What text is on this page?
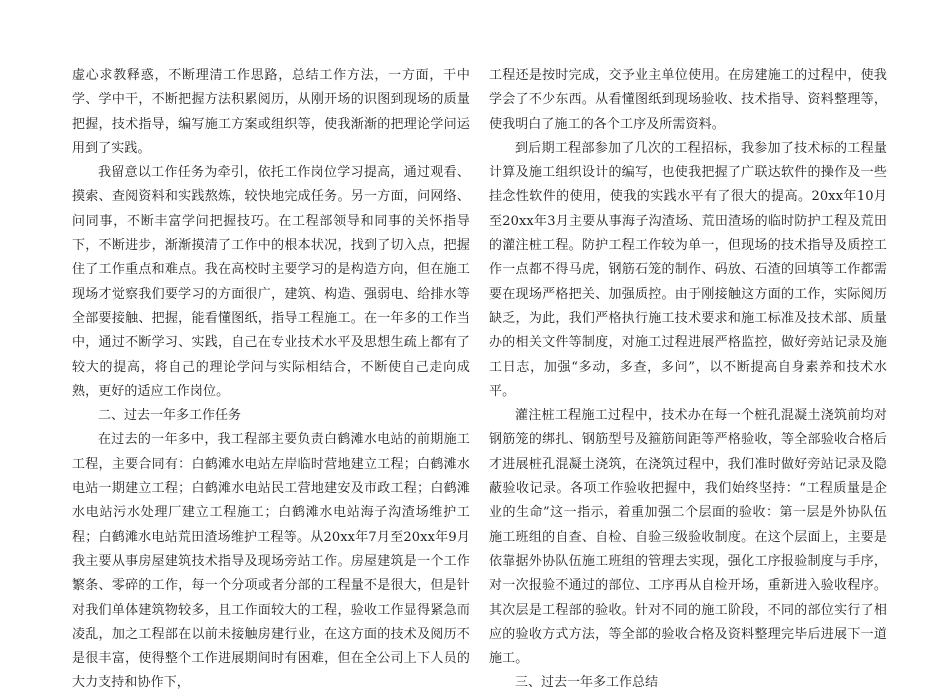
虚心求教释惑，不断理清工作思路，总结工作方法，一方面，干中学、学中干，不断把握方法积累阅历，从刚开场的识图到现场的质量把握，技术指导，编写施工方案或组织等，使我渐渐的把理论学问运用到了实践。

我留意以工作任务为牵引，依托工作岗位学习提高，通过观看、摸索、查阅资料和实践熬炼，较快地完成任务。另一方面，问网络、问同事，不断丰富学问把握技巧。在工程部领导和同事的关怀指导下，不断进步，渐渐摸清了工作中的根本状况，找到了切入点，把握住了工作重点和难点。我在高校时主要学习的是构造方向，但在施工现场才觉察我们要学习的方面很广，建筑、构造、强弱电、给排水等全部要接触、把握，能看懂图纸，指导工程施工。在一年多的工作当中，通过不断学习、实践，自己在专业技术水平及思想生疏上都有了较大的提高，将自己的理论学问与实际相结合，不断使自己走向成熟，更好的适应工作岗位。

二、过去一年多工作任务

在过去的一年多中，我工程部主要负责白鹤滩水电站的前期施工工程，主要合同有：白鹤滩水电站左岸临时营地建立工程；白鹤滩水电站一期建立工程；白鹤滩水电站民工营地建安及市政工程；白鹤滩水电站污水处理厂建立工程施工；白鹤滩水电站海子沟渣场维护工程；白鹤滩水电站荒田渣场维护工程等。从20xx年7月至20xx年9月我主要从事房屋建筑技术指导及现场旁站工作。房屋建筑是一个工作繁条、零碎的工作，每一个分项或者分部的工程量不是很大，但是针对我们单体建筑物较多，且工作面较大的工程，验收工作显得紧急而凌乱，加之工程部在以前未接触房建行业，在这方面的技术及阅历不是很丰富，使得整个工作进展期间时有困难，但在全公司上下人员的大力支持和协作下，

工程还是按时完成，交予业主单位使用。在房建施工的过程中，使我学会了不少东西。从看懂图纸到现场验收、技术指导、资料整理等，使我明白了施工的各个工序及所需资料。

到后期工程部参加了几次的工程招标，我参加了技术标的工程量计算及施工组织设计的编写，也使我把握了广联达软件的操作及一些挂念性软件的使用，使我的实践水平有了很大的提高。20xx年10月至20xx年3月主要从事海子沟渣场、荒田渣场的临时防护工程及荒田的灌注桩工程。防护工程工作较为单一，但现场的技术指导及质控工作一点都不得马虎，钢筋石笼的制作、码放、石渣的回填等工作都需要在现场严格把关、加强质控。由于刚接触这方面的工作，实际阅历缺乏，为此，我们严格执行施工技术要求和施工标准及技术部、质量办的相关文件等制度，对施工过程进展严格监控，做好旁站记录及施工日志，加强“多动，多查，多问”，以不断提高自身素养和技术水平。

灌注桩工程施工过程中，技术办在每一个桩孔混凝土浇筑前均对钢筋笼的绑扎、钢筋型号及箍筋间距等严格验收，等全部验收合格后才进展桩孔混凝土浇筑，在浇筑过程中，我们准时做好旁站记录及隐蔽验收记录。各项工作验收把握中，我们始终坚持：“工程质量是企业的生命”这一指示，着重加强二个层面的验收：第一层是外协队伍施工班组的自查、自检、自验三级验收制度。在这个层面上，主要是依靠据外协队伍施工班组的管理去实现，强化工序报验制度与手序，对一次报验不通过的部位、工序再从自检开场，重新进入验收程序。其次层是工程部的验收。针对不同的施工阶段，不同的部位实行了相应的验收方式方法，等全部的验收合格及资料整理完毕后进展下一道施工。

三、过去一年多工作总结
